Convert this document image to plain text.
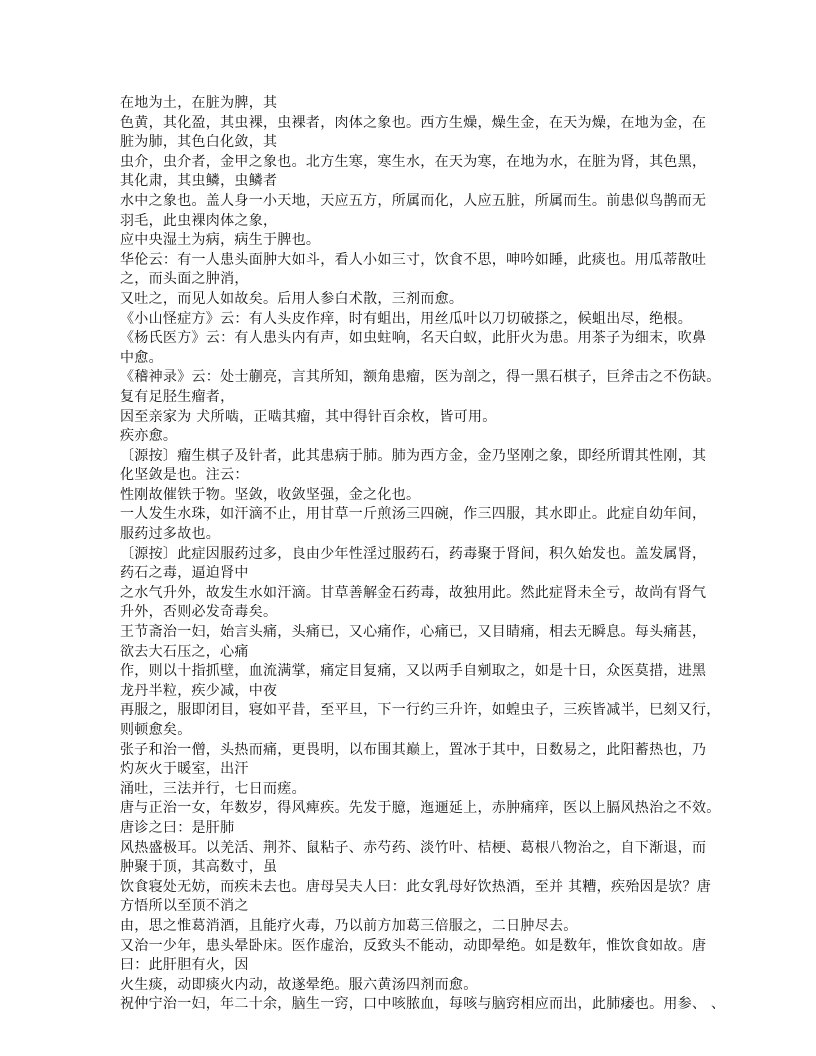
在地为土，在脏为脾，其
色黄，其化盈，其虫裸，虫裸者，肉体之象也。西方生燥，燥生金，在天为燥，在地为金，在
脏为肺，其色白化敛，其
虫介，虫介者，金甲之象也。北方生寒，寒生水，在天为寒，在地为水，在脏为肾，其色黑，
其化肃，其虫鳞，虫鳞者
水中之象也。盖人身一小天地，天应五方，所属而化，人应五脏，所属而生。前患似鸟鹊而无
羽毛，此虫裸肉体之象，
应中央湿土为病，病生于脾也。
华伦云：有一人患头面肿大如斗，看人小如三寸，饮食不思，呻吟如睡，此痰也。用瓜蒂散吐
之，而头面之肿消，
又吐之，而见人如故矣。后用人参白术散，三剂而愈。
《小山怪症方》云：有人头皮作痒，时有蛆出，用丝瓜叶以刀切破搽之，候蛆出尽，绝根。
《杨氏医方》云：有人患头内有声，如虫蛀响，名天白蚁，此肝火为患。用茶子为细末，吹鼻
中愈。
《稽神录》云：处士蒯亮，言其所知，额角患瘤，医为剖之，得一黑石棋子，巨斧击之不伤缺。
复有足胫生瘤者，
因至亲家为 犬所啮，正啮其瘤，其中得针百余枚，皆可用。
疾亦愈。
〔源按〕瘤生棋子及针者，此其患病于肺。肺为西方金，金乃坚刚之象，即经所谓其性刚，其
化坚敛是也。注云：
性刚故催铁于物。坚敛，收敛坚强，金之化也。
一人发生水珠，如汗滴不止，用甘草一斤煎汤三四碗，作三四服，其水即止。此症自幼年间，
服药过多故也。
〔源按〕此症因服药过多，良由少年性淫过服药石，药毒聚于肾间，积久始发也。盖发属肾，
药石之毒，逼迫肾中
之水气升外，故发生水如汗滴。甘草善解金石药毒，故独用此。然此症肾未全亏，故尚有肾气
升外，否则必发奇毒矣。
王节斋治一妇，始言头痛，头痛已，又心痛作，心痛已，又目睛痛，相去无瞬息。每头痛甚，
欲去大石压之，心痛
作，则以十指抓壁，血流满掌，痛定目复痛，又以两手自剜取之，如是十日，众医莫措，进黑
龙丹半粒，疾少减，中夜
再服之，服即闭目，寝如平昔，至平旦，下一行约三升许，如蝗虫子，三疾皆减半，巳刻又行，
则顿愈矣。
张子和治一僧，头热而痛，更畏明，以布围其巅上，置冰于其中，日数易之，此阳蓄热也，乃
灼灰火于暖室，出汗
涌吐，三法并行，七日而瘥。
唐与正治一女，年数岁，得风痺疾。先发于臆，迤逦延上，赤肿痛痒，医以上膈风热治之不效。
唐诊之曰：是肝肺
风热盛极耳。以羌活、荆芥、鼠粘子、赤芍药、淡竹叶、桔梗、葛根八物治之，自下渐退，而
肿聚于顶，其高数寸，虽
饮食寝处无妨，而疾未去也。唐母吴夫人曰：此女乳母好饮热酒，至并 其糟，疾殆因是欤？唐
方悟所以至顶不消之
由，思之惟葛消酒，且能疗火毒，乃以前方加葛三倍服之，二日肿尽去。
又治一少年，患头晕卧床。医作虚治，反致头不能动，动即晕绝。如是数年，惟饮食如故。唐
曰：此肝胆有火，因
火生痰，动即痰火内动，故遂晕绝。服六黄汤四剂而愈。
祝仲宁治一妇，年二十余，脑生一窍，口中咳脓血，每咳与脑窍相应而出，此肺痿也。用参、 、
